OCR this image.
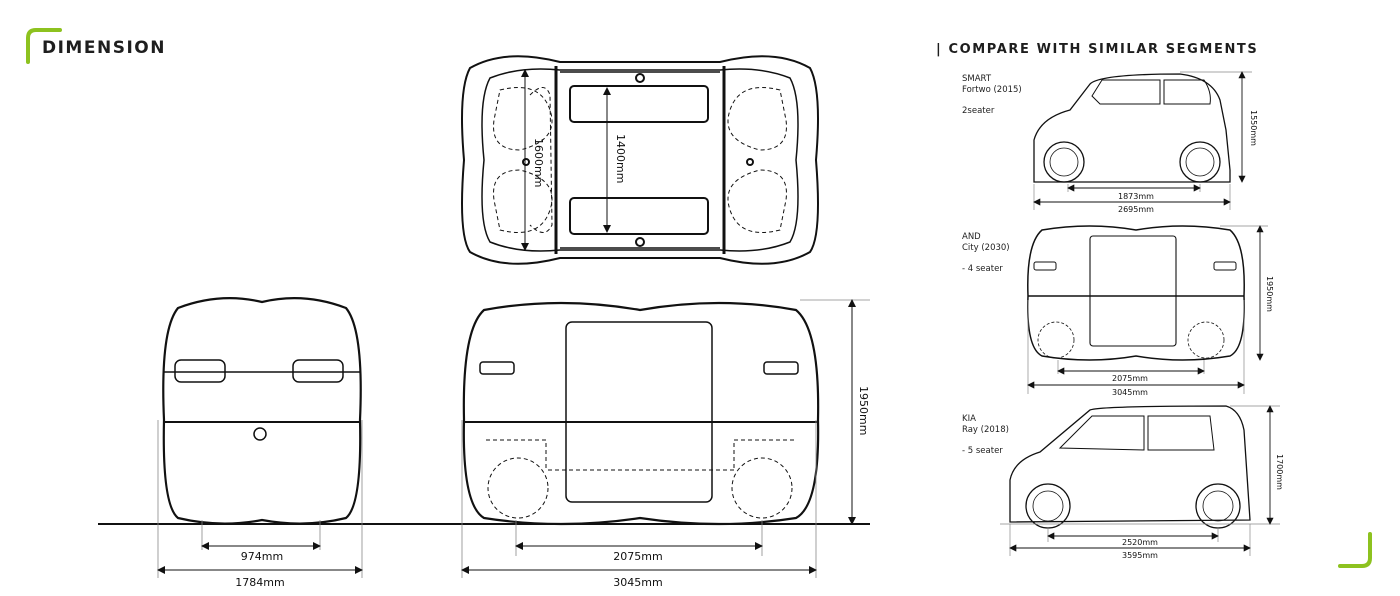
DIMENSION	| COMPARE WITH SIMILAR SEGMENTS
1600mm	1400mm
974mm
1784mm
2075mm
3045mm
1950mm
SMART
Fortwo (2015)
2seater
1873mm
2695mm
1550mm
AND
City (2030)
- 4 seater
2075mm
3045mm
1950mm
KIA
Ray (2018)
- 5 seater
2520mm
3595mm
1700mm
